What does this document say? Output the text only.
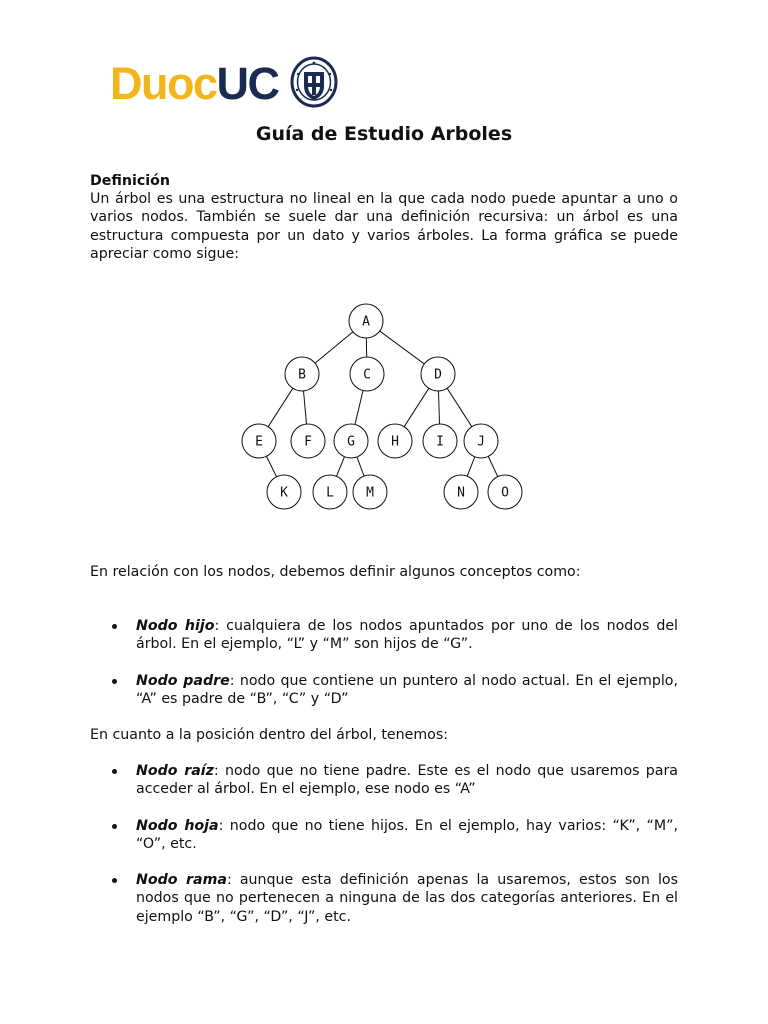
DuocUC
Guía de Estudio Arboles
Definición

Un árbol es una estructura no lineal en la que cada nodo puede apuntar a uno o varios nodos. También se suele dar una definición recursiva: un árbol es una estructura compuesta por un dato y varios árboles. La forma gráfica se puede apreciar como sigue:

A
B	C	D
E	F	G	H	I	J
K	L M	N	O

En relación con los nodos, debemos definir algunos conceptos como:

Nodo hijo: cualquiera de los nodos apuntados por uno de los nodos del árbol. En el ejemplo, “L” y “M” son hijos de “G”.
Nodo padre: nodo que contiene un puntero al nodo actual. En el ejemplo, “A” es padre de “B”, “C” y “D”

En cuanto a la posición dentro del árbol, tenemos:

Nodo raíz: nodo que no tiene padre. Este es el nodo que usaremos para acceder al árbol. En el ejemplo, ese nodo es “A”
Nodo hoja: nodo que no tiene hijos. En el ejemplo, hay varios: “K”, “M”, “O”, etc.
Nodo rama: aunque esta definición apenas la usaremos, estos son los nodos que no pertenecen a ninguna de las dos categorías anteriores. En el ejemplo “B”, “G”, “D”, “J”, etc.
